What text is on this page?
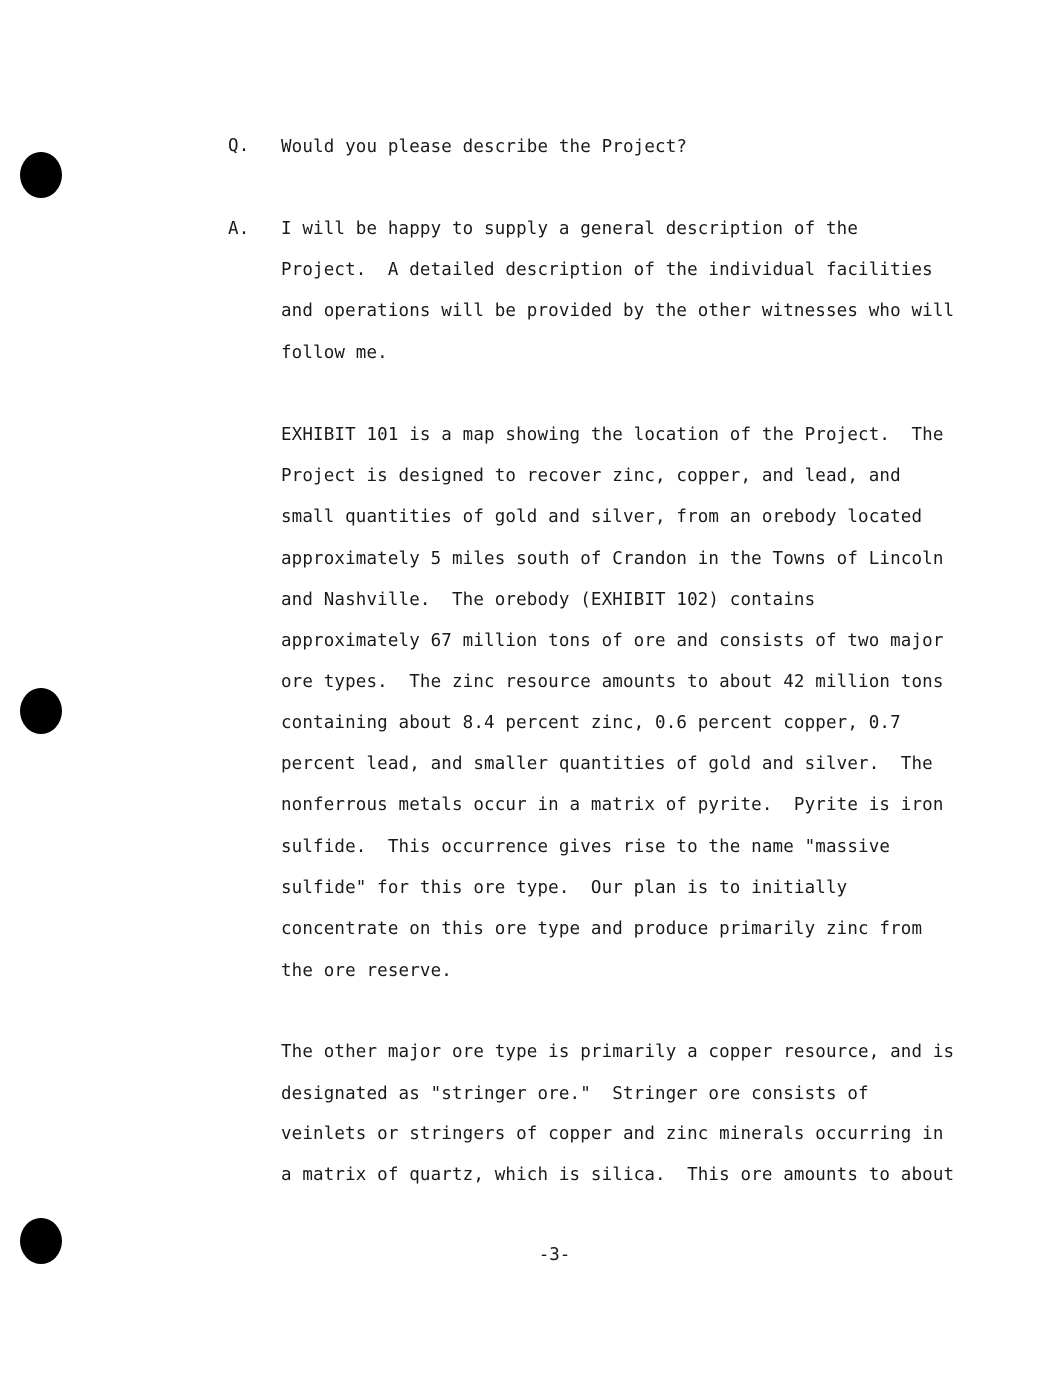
Q. Would you please describe the Project?
A. I will be happy to supply a general description of the
Project.  A detailed description of the individual facilities
and operations will be provided by the other witnesses who will
follow me.
EXHIBIT 101 is a map showing the location of the Project.  The
Project is designed to recover zinc, copper, and lead, and
small quantities of gold and silver, from an orebody located
approximately 5 miles south of Crandon in the Towns of Lincoln
and Nashville.  The orebody (EXHIBIT 102) contains
approximately 67 million tons of ore and consists of two major
ore types.  The zinc resource amounts to about 42 million tons
containing about 8.4 percent zinc, 0.6 percent copper, 0.7
percent lead, and smaller quantities of gold and silver.  The
nonferrous metals occur in a matrix of pyrite.  Pyrite is iron
sulfide.  This occurrence gives rise to the name "massive
sulfide" for this ore type.  Our plan is to initially
concentrate on this ore type and produce primarily zinc from
the ore reserve.
The other major ore type is primarily a copper resource, and is
designated as "stringer ore."  Stringer ore consists of
veinlets or stringers of copper and zinc minerals occurring in
a matrix of quartz, which is silica.  This ore amounts to about
-3-
